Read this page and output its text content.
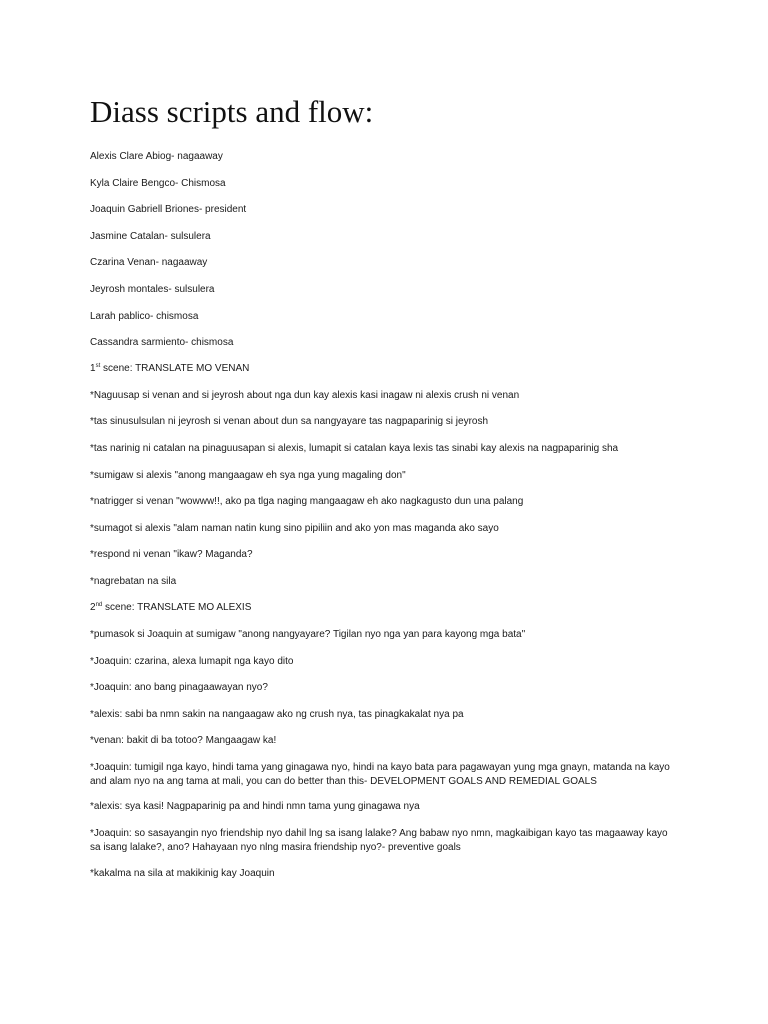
Diass scripts and flow:

Alexis Clare Abiog- nagaaway

Kyla Claire Bengco- Chismosa

Joaquin Gabriell Briones- president

Jasmine Catalan- sulsulera

Czarina Venan- nagaaway

Jeyrosh montales- sulsulera

Larah pablico- chismosa

Cassandra sarmiento- chismosa

1st scene: TRANSLATE MO VENAN

*Naguusap si venan and si jeyrosh about nga dun kay alexis kasi inagaw ni alexis crush ni venan

*tas sinusulsulan ni jeyrosh si venan about dun sa nangyayare tas nagpaparinig si jeyrosh

*tas narinig ni catalan na pinaguusapan si alexis, lumapit si catalan kaya lexis tas sinabi kay alexis na nagpaparinig sha

*sumigaw si alexis "anong mangaagaw eh sya nga yung magaling don"

*natrigger si venan "wowww!!, ako pa tlga naging mangaagaw eh ako nagkagusto dun una palang

*sumagot si alexis "alam naman natin kung sino pipiliin and ako yon mas maganda ako sayo

*respond ni venan "ikaw? Maganda?

*nagrebatan na sila

2nd scene: TRANSLATE MO ALEXIS

*pumasok si Joaquin at sumigaw "anong nangyayare? Tigilan nyo nga yan para kayong mga bata"

*Joaquin: czarina, alexa lumapit nga kayo dito

*Joaquin: ano bang pinagaawayan nyo?

*alexis: sabi ba nmn sakin na nangaagaw ako ng crush nya, tas pinagkakalat nya pa

*venan: bakit di ba totoo? Mangaagaw ka!

*Joaquin: tumigil nga kayo, hindi tama yang ginagawa nyo, hindi na kayo bata para pagawayan yung mga gnayn, matanda na kayo and alam nyo na ang tama at mali, you can do better than this- DEVELOPMENT GOALS AND REMEDIAL GOALS

*alexis: sya kasi! Nagpaparinig pa and hindi nmn tama yung ginagawa nya

*Joaquin: so sasayangin nyo friendship nyo dahil lng sa isang lalake? Ang babaw nyo nmn, magkaibigan kayo tas magaaway kayo sa isang lalake?, ano? Hahayaan nyo nlng masira friendship nyo?- preventive goals

*kakalma na sila at makikinig kay Joaquin
